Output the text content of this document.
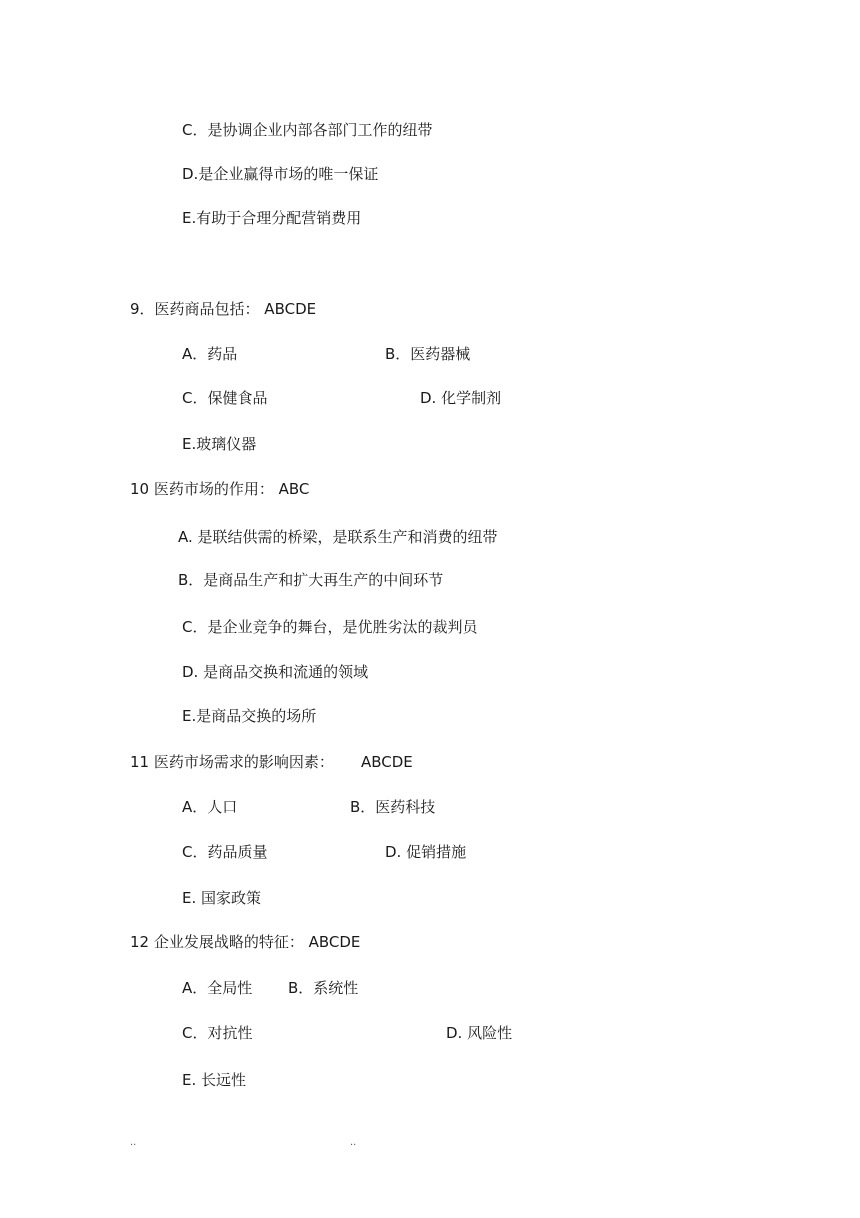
C．是协调企业内部各部门工作的纽带
D.是企业赢得市场的唯一保证
E.有助于合理分配营销费用
9．医药商品包括： ABCDE
A．药品	B．医药器械
C．保健食品	D. 化学制剂
E.玻璃仪器
10 医药市场的作用： ABC
A. 是联结供需的桥梁，是联系生产和消费的纽带
B．是商品生产和扩大再生产的中间环节
C．是企业竞争的舞台，是优胜劣汰的裁判员
D. 是商品交换和流通的领域
E.是商品交换的场所
11 医药市场需求的影响因素： ABCDE
A．人口	B．医药科技
C．药品质量	D. 促销措施
E. 国家政策
12 企业发展战略的特征： ABCDE
A．全局性 B．系统性
C．对抗性	D. 风险性
E. 长远性
..	..
